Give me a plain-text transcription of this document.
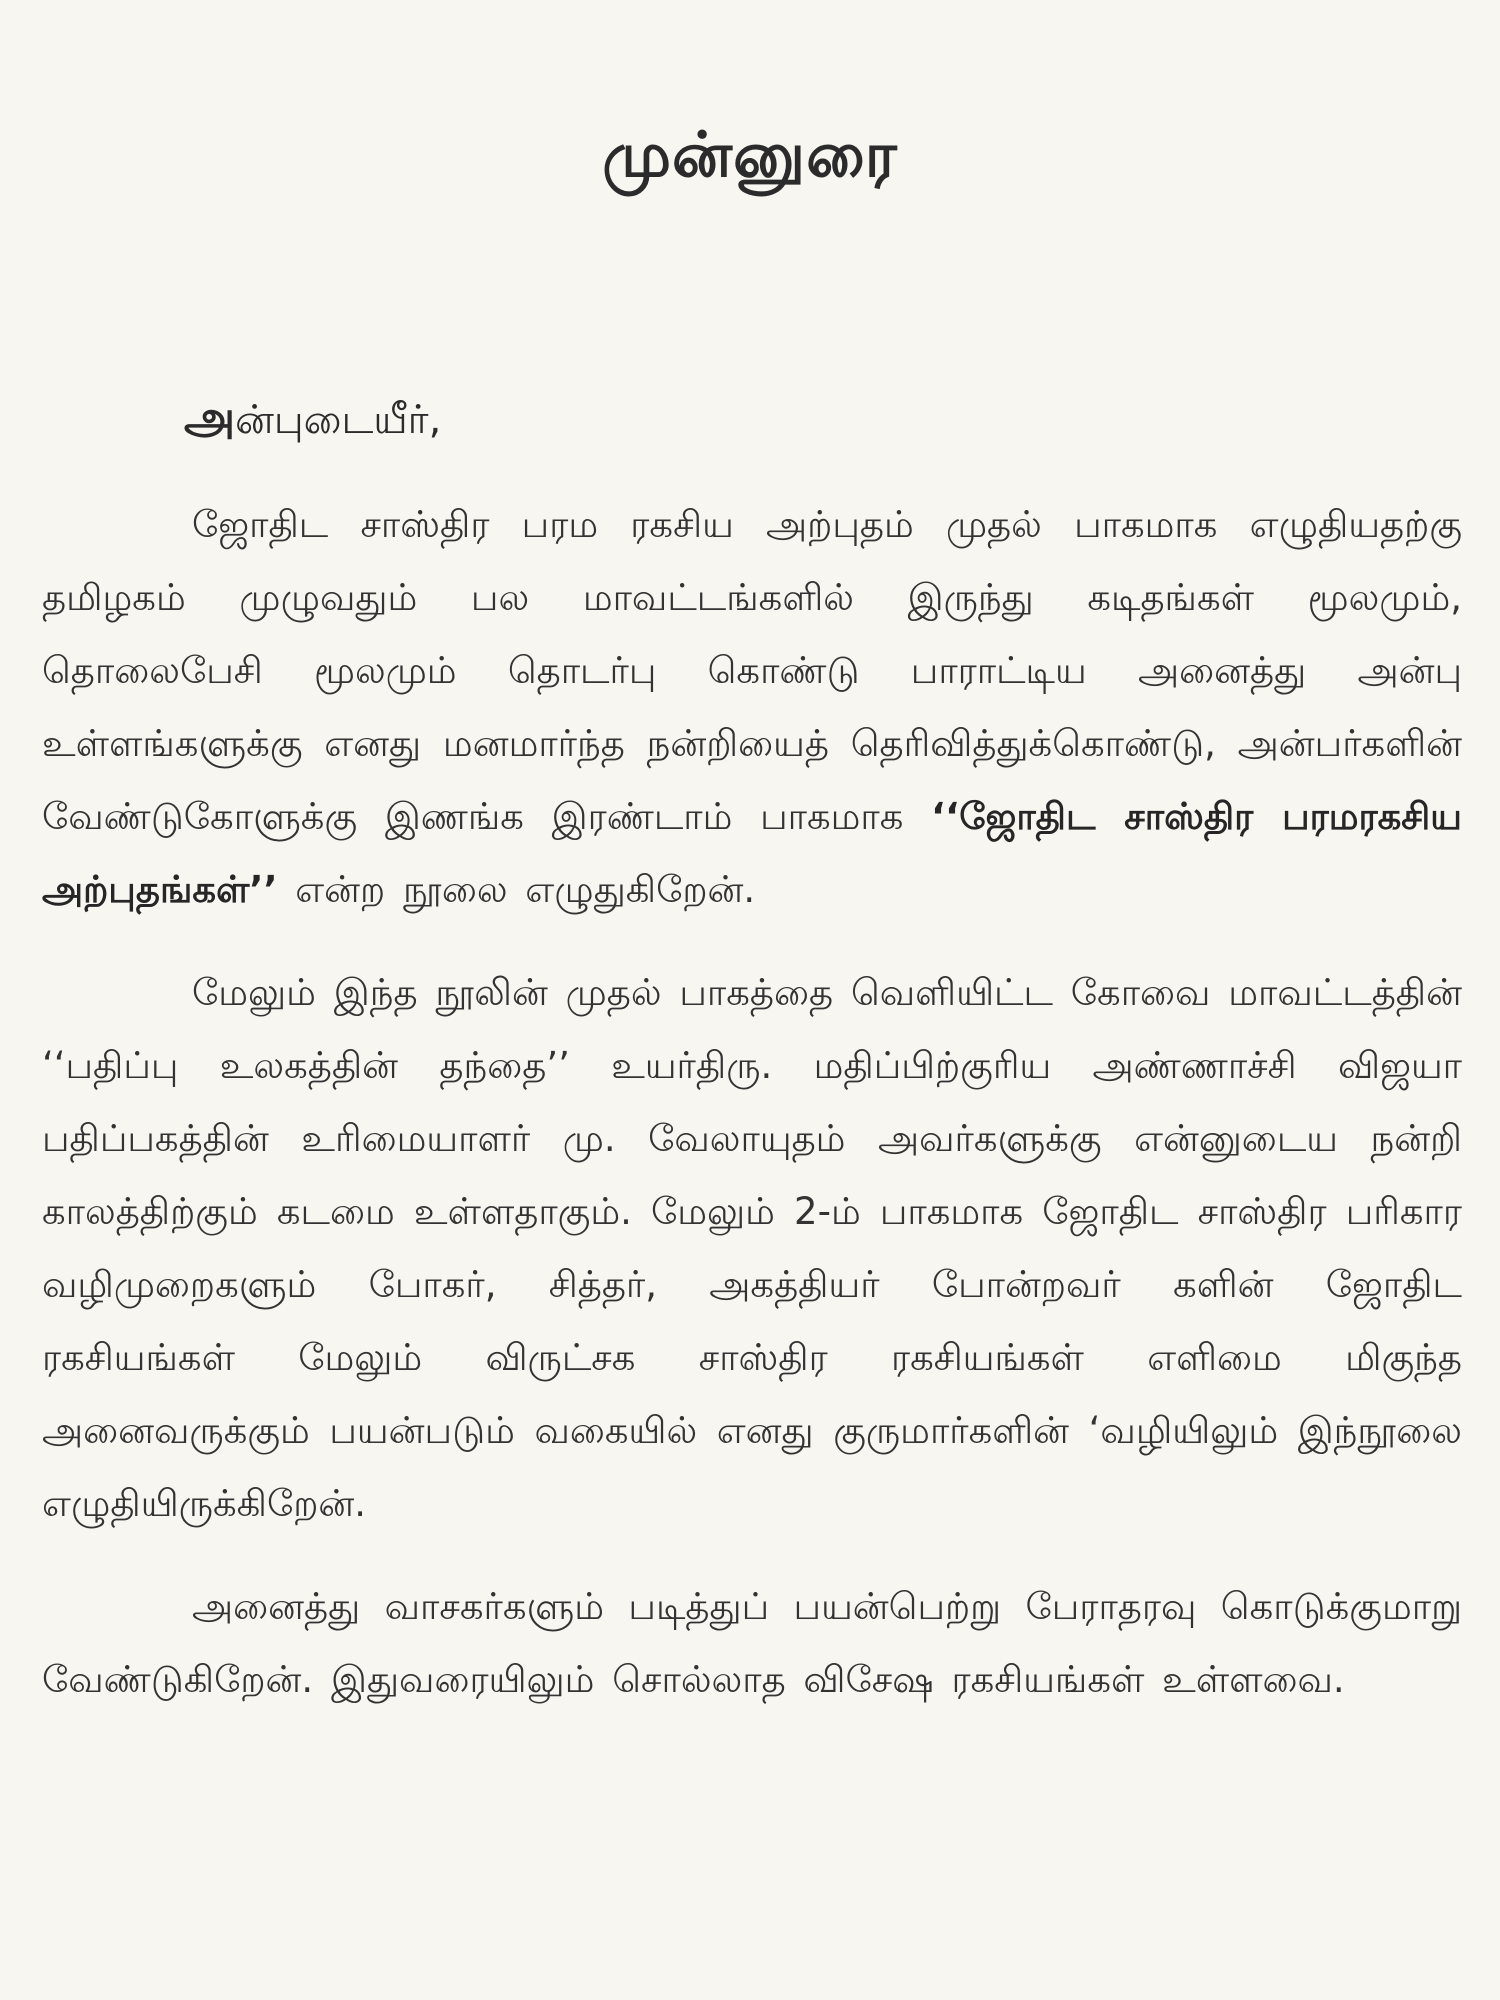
முன்னுரை

அன்புடையீர்,

ஜோதிட சாஸ்திர பரம ரகசிய அற்புதம் முதல் பாகமாக எழுதியதற்கு தமிழகம் முழுவதும் பல மாவட்டங்களில் இருந்து கடிதங்கள் மூலமும், தொலைபேசி மூலமும் தொடர்பு கொண்டு பாராட்டிய அனைத்து அன்பு உள்ளங்களுக்கு எனது மனமார்ந்த நன்றியைத் தெரிவித்துக்கொண்டு, அன்பர்களின் வேண்டுகோளுக்கு இணங்க இரண்டாம் பாகமாக ‘‘ஜோதிட சாஸ்திர பரமரகசிய அற்புதங்கள்’’ என்ற நூலை எழுதுகிறேன்.

மேலும் இந்த நூலின் முதல் பாகத்தை வெளியிட்ட கோவை மாவட்டத்தின் ‘‘பதிப்பு உலகத்தின் தந்தை’’ உயர்திரு. மதிப்பிற்குரிய அண்ணாச்சி விஜயா பதிப்பகத்தின் உரிமையாளர் மு. வேலாயுதம் அவர்களுக்கு என்னுடைய நன்றி காலத்திற்கும் கடமை உள்ளதாகும். மேலும் 2-ம் பாகமாக ஜோதிட சாஸ்திர பரிகார வழிமுறைகளும் போகர், சித்தர், அகத்தியர் போன்றவர் களின் ஜோதிட ரகசியங்கள் மேலும் விருட்சக சாஸ்திர ரகசியங்கள் எளிமை மிகுந்த அனைவருக்கும் பயன்படும் வகையில் எனது குருமார்களின் ‘வழியிலும் இந்நூலை எழுதியிருக்கிறேன்.

அனைத்து வாசகர்களும் படித்துப் பயன்பெற்று பேராதரவு கொடுக்குமாறு வேண்டுகிறேன். இதுவரையிலும் சொல்லாத விசேஷ ரகசியங்கள் உள்ளவை.
